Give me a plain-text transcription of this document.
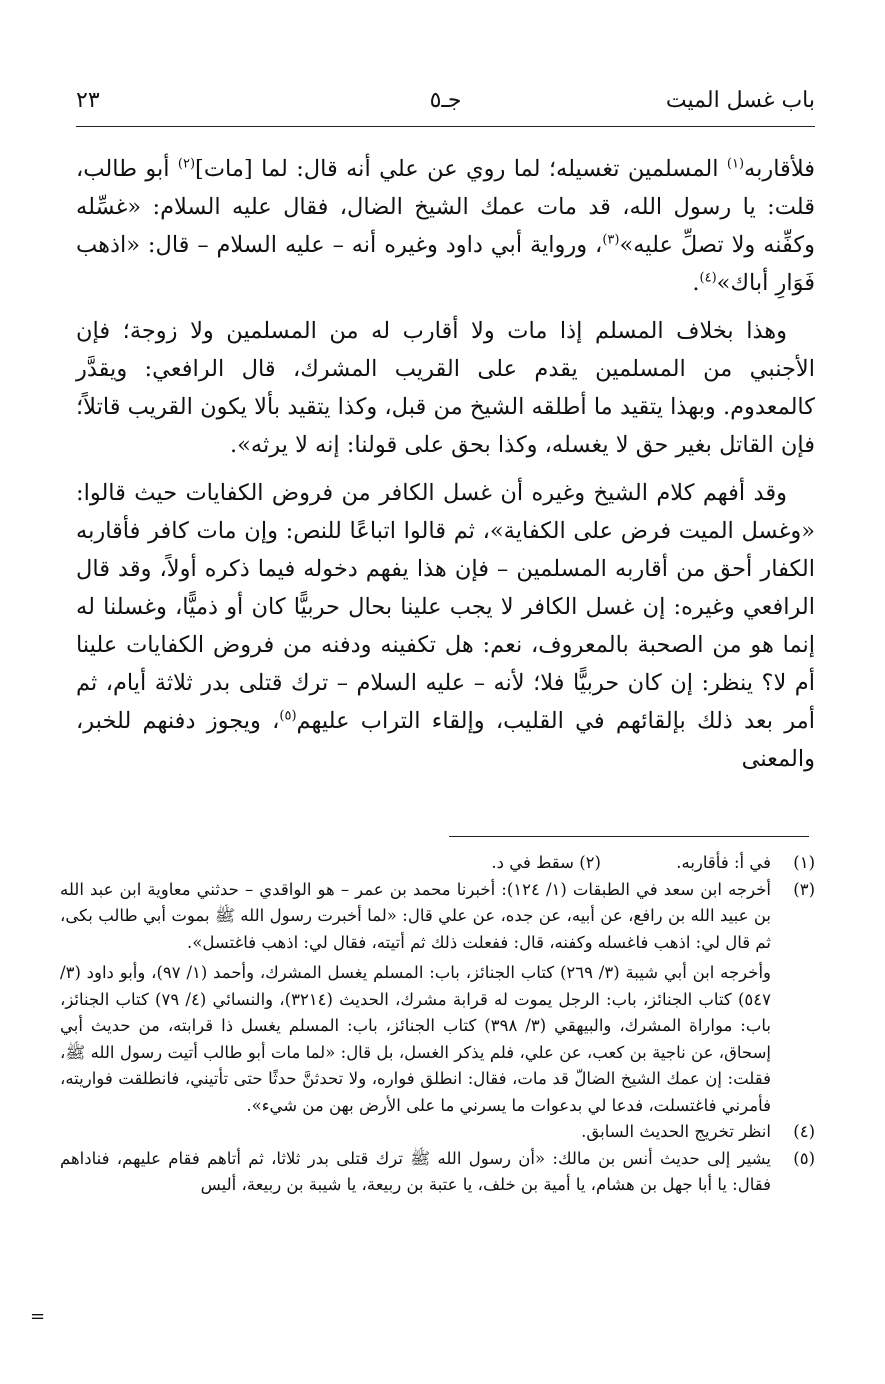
باب غسل الميت
جـ٥
٢٣

فلأقاربه$^{(١)}$ المسلمين تغسيله؛ لما روي عن علي أنه قال: لما [مات]$^{(٢)}$ أبو طالب، قلت: يا رسول الله، قد مات عمك الشيخ الضال، فقال عليه السلام: «غسِّله وكفِّنه ولا تصلِّ عليه»$^{(٣)}$، ورواية أبي داود وغيره أنه – عليه السلام – قال: «اذهب فَوَارِ أباك»$^{(٤)}$.

وهذا بخلاف المسلم إذا مات ولا أقارب له من المسلمين ولا زوجة؛ فإن الأجنبي من المسلمين يقدم على القريب المشرك، قال الرافعي: ويقدَّر كالمعدوم. وبهذا يتقيد ما أطلقه الشيخ من قبل، وكذا يتقيد بألا يكون القريب قاتلاً؛ فإن القاتل بغير حق لا يغسله، وكذا بحق على قولنا: إنه لا يرثه».

وقد أفهم كلام الشيخ وغيره أن غسل الكافر من فروض الكفايات حيث قالوا: «وغسل الميت فرض على الكفاية»، ثم قالوا اتباعًا للنص: وإن مات كافر فأقاربه الكفار أحق من أقاربه المسلمين – فإن هذا يفهم دخوله فيما ذكره أولاً، وقد قال الرافعي وغيره: إن غسل الكافر لا يجب علينا بحال حربيًّا كان أو ذميًّا، وغسلنا له إنما هو من الصحبة بالمعروف، نعم: هل تكفينه ودفنه من فروض الكفايات علينا أم لا؟ ينظر: إن كان حربيًّا فلا؛ لأنه – عليه السلام – ترك قتلى بدر ثلاثة أيام، ثم أمر بعد ذلك بإلقائهم في القليب، وإلقاء التراب عليهم$^{(٥)}$، ويجوز دفنهم للخبر، والمعنى

(١)
في أ: فأقاربه. (٢) سقط في د.
(٣)

أخرجه ابن سعد في الطبقات (١/ ١٢٤): أخبرنا محمد بن عمر – هو الواقدي – حدثني معاوية ابن عبد الله بن عبيد الله بن رافع، عن أبيه، عن جده، عن علي قال: «لما أخبرت رسول الله ﷺ بموت أبي طالب بكى، ثم قال لي: اذهب فاغسله وكفنه، قال: ففعلت ذلك ثم أتيته، فقال لي: اذهب فاغتسل».

وأخرجه ابن أبي شيبة (٣/ ٢٦٩) كتاب الجنائز، باب: المسلم يغسل المشرك، وأحمد (١/ ٩٧)، وأبو داود (٣/ ٥٤٧) كتاب الجنائز، باب: الرجل يموت له قرابة مشرك، الحديث (٣٢١٤)، والنسائي (٤/ ٧٩) كتاب الجنائز، باب: مواراة المشرك، والبيهقي (٣/ ٣٩٨) كتاب الجنائز، باب: المسلم يغسل ذا قرابته، من حديث أبي إسحاق، عن ناجية بن كعب، عن علي، فلم يذكر الغسل، بل قال: «لما مات أبو طالب أتيت رسول الله ﷺ، فقلت: إن عمك الشيخ الضالّ قد مات، فقال: انطلق فواره، ولا تحدثنَّ حدثًا حتى تأتيني، فانطلقت فواريته، فأمرني فاغتسلت، فدعا لي بدعوات ما يسرني ما على الأرض بهن من شيء».

(٤)

انظر تخريج الحديث السابق.

(٥)

يشير إلى حديث أنس بن مالك: «أن رسول الله ﷺ ترك قتلى بدر ثلاثا، ثم أتاهم فقام عليهم، فناداهم فقال: يا أبا جهل بن هشام، يا أمية بن خلف، يا عتبة بن ربيعة، يا شيبة بن ربيعة، أليس

=
